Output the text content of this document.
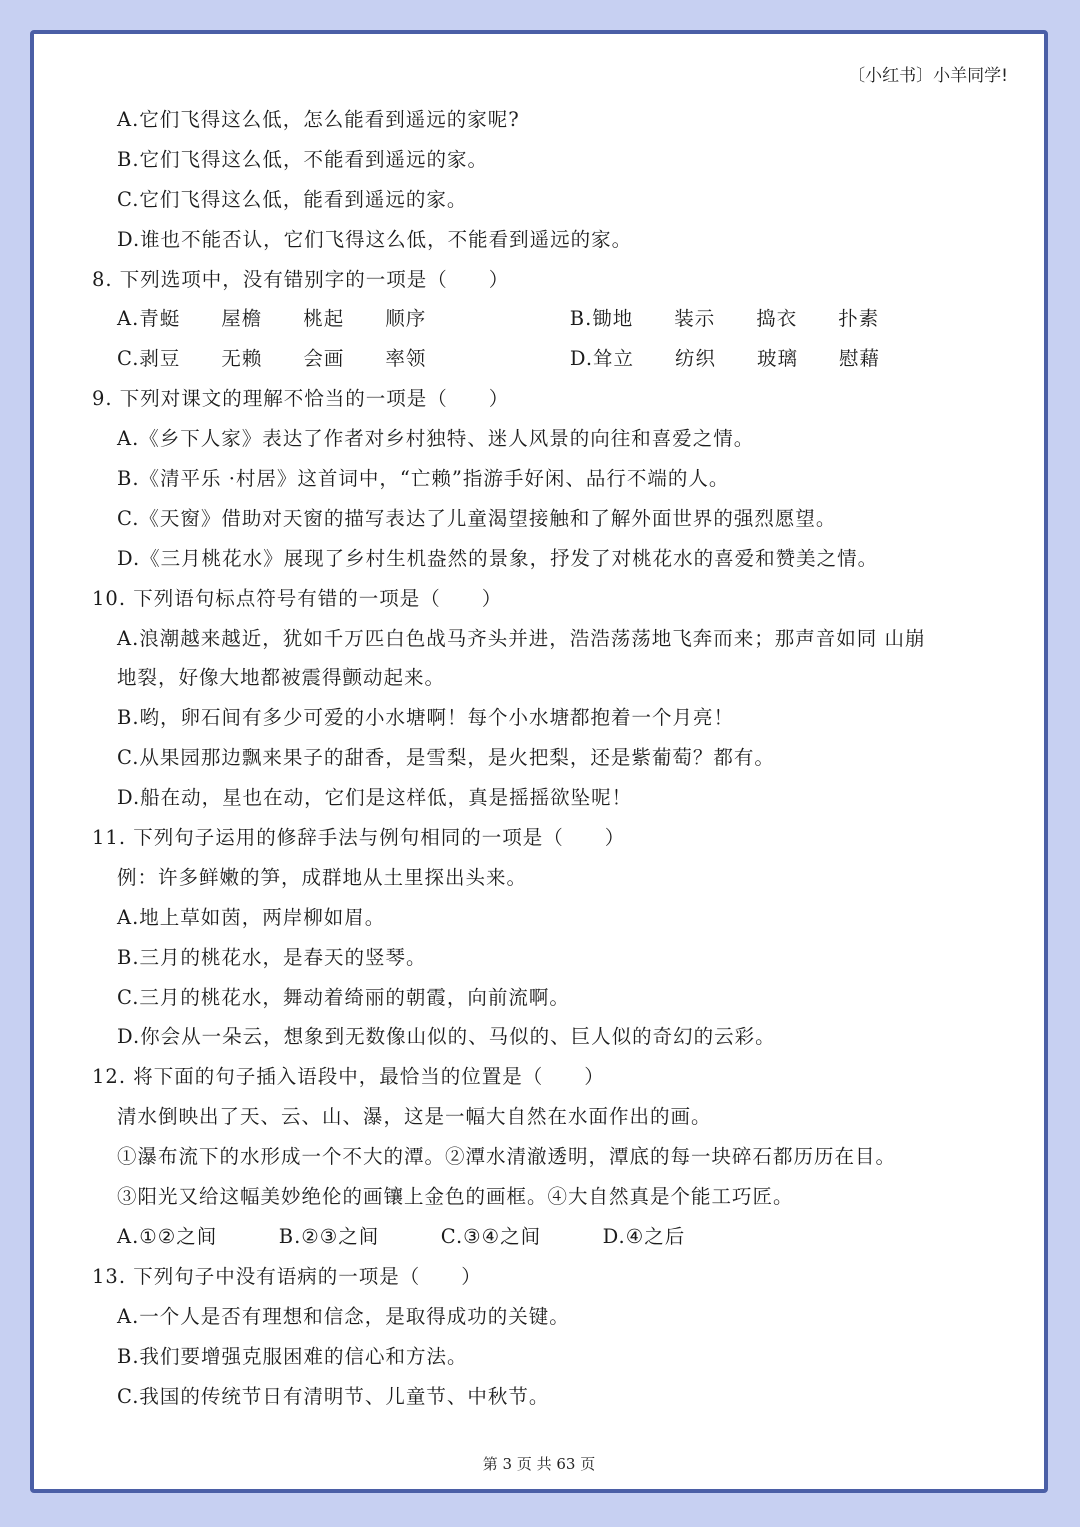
〔小红书〕小羊同学!
A.它们飞得这么低，怎么能看到遥远的家呢?
B.它们飞得这么低，不能看到遥远的家。
C.它们飞得这么低，能看到遥远的家。
D.谁也不能否认，它们飞得这么低，不能看到遥远的家。
8. 下列选项中，没有错别字的一项是（　　）
A.青蜓　　屋檐　　桃起　　顺序　　　　　　　B.锄地　　装示　　捣衣　　扑素
C.剥豆　　无赖　　会画　　率领　　　　　　　D.耸立　　纺织　　玻璃　　慰藉
9. 下列对课文的理解不恰当的一项是（　　）
A.《乡下人家》表达了作者对乡村独特、迷人风景的向往和喜爱之情。
B.《清平乐 ·村居》这首词中，“亡赖”指游手好闲、品行不端的人。
C.《天窗》借助对天窗的描写表达了儿童渴望接触和了解外面世界的强烈愿望。
D.《三月桃花水》展现了乡村生机盎然的景象，抒发了对桃花水的喜爱和赞美之情。
10. 下列语句标点符号有错的一项是（　　）
A.浪潮越来越近，犹如千万匹白色战马齐头并进，浩浩荡荡地飞奔而来；那声音如同 山崩
地裂，好像大地都被震得颤动起来。
B.哟，卵石间有多少可爱的小水塘啊！每个小水塘都抱着一个月亮！
C.从果园那边飘来果子的甜香，是雪梨，是火把梨，还是紫葡萄？都有。
D.船在动，星也在动，它们是这样低，真是摇摇欲坠呢！
11. 下列句子运用的修辞手法与例句相同的一项是（　　）
例：许多鲜嫩的笋，成群地从土里探出头来。
A.地上草如茵，两岸柳如眉。
B.三月的桃花水，是春天的竖琴。
C.三月的桃花水，舞动着绮丽的朝霞，向前流啊。
D.你会从一朵云，想象到无数像山似的、马似的、巨人似的奇幻的云彩。
12. 将下面的句子插入语段中，最恰当的位置是（　　）
清水倒映出了天、云、山、瀑，这是一幅大自然在水面作出的画。
①瀑布流下的水形成一个不大的潭。②潭水清澈透明，潭底的每一块碎石都历历在目。
③阳光又给这幅美妙绝伦的画镶上金色的画框。④大自然真是个能工巧匠。
A.①②之间　　　B.②③之间　　　C.③④之间　　　D.④之后
13. 下列句子中没有语病的一项是（　　）
A.一个人是否有理想和信念，是取得成功的关键。
B.我们要增强克服困难的信心和方法。
C.我国的传统节日有清明节、儿童节、中秋节。
第 3 页 共 63 页
